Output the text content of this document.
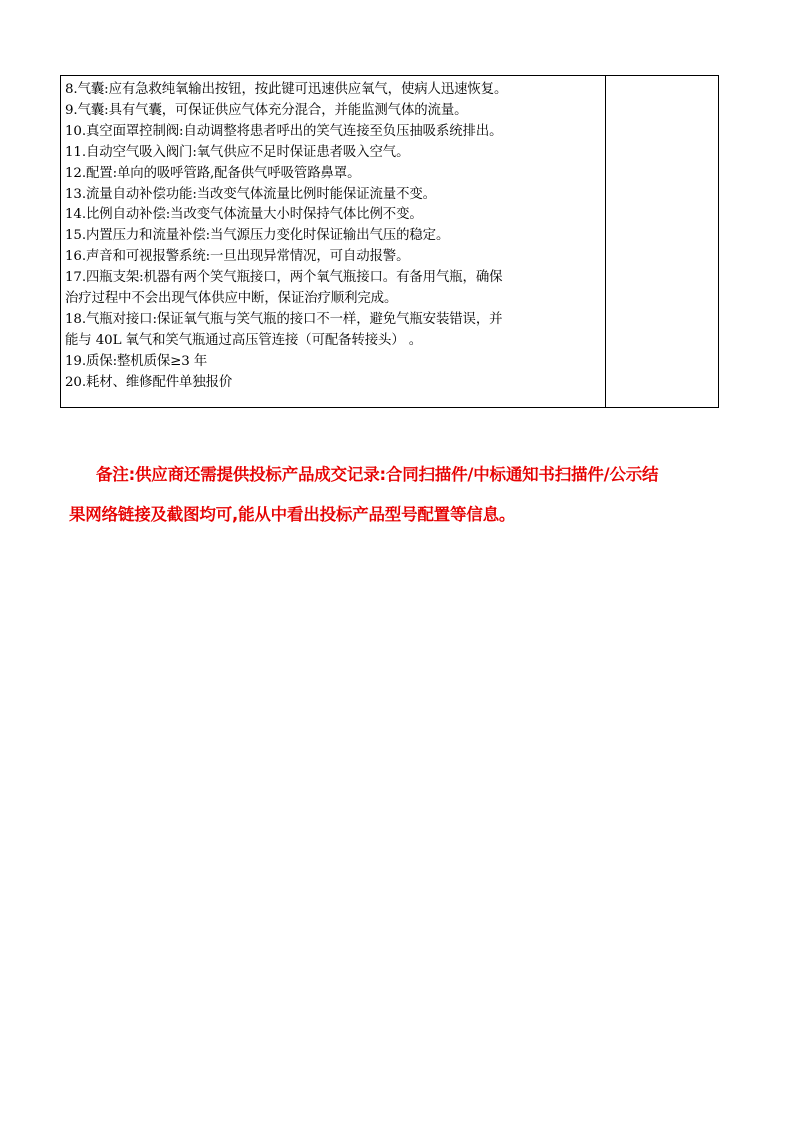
8.气囊:应有急救纯氧输出按钮，按此键可迅速供应氧气，使病人迅速恢复。
9.气囊:具有气囊，可保证供应气体充分混合，并能监测气体的流量。
10.真空面罩控制阀:自动调整将患者呼出的笑气连接至负压抽吸系统排出。
11.自动空气吸入阀门:氧气供应不足时保证患者吸入空气。
12.配置:单向的吸呼管路,配备供气呼吸管路鼻罩。
13.流量自动补偿功能:当改变气体流量比例时能保证流量不变。
14.比例自动补偿:当改变气体流量大小时保持气体比例不变。
15.内置压力和流量补偿:当气源压力变化时保证输出气压的稳定。
16.声音和可视报警系统:一旦出现异常情况，可自动报警。
17.四瓶支架:机器有两个笑气瓶接口，两个氧气瓶接口。有备用气瓶，确保
治疗过程中不会出现气体供应中断，保证治疗顺利完成。
18.气瓶对接口:保证氧气瓶与笑气瓶的接口不一样，避免气瓶安装错误，并
能与 40L 氧气和笑气瓶通过高压管连接（可配备转接头） 。
19.质保:整机质保≥3 年
20.耗材、维修配件单独报价

备注:供应商还需提供投标产品成交记录:合同扫描件/中标通知书扫描件/公示结
果网络链接及截图均可,能从中看出投标产品型号配置等信息。
